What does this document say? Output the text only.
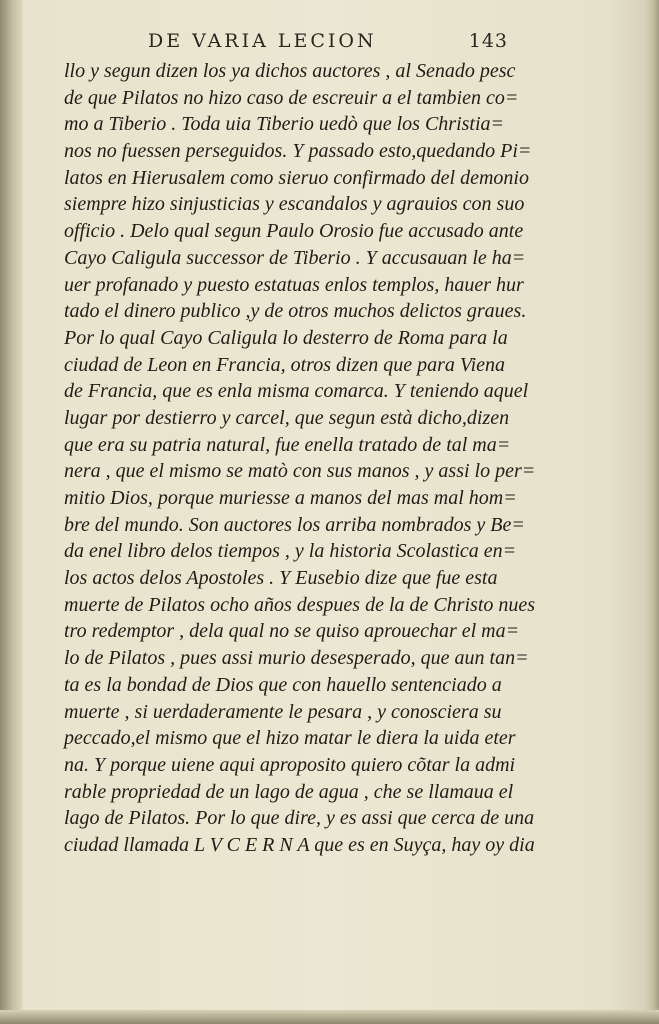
DE VARIA LECION	143
llo y segun dizen los ya dichos auctores , al Senado pesc
de que Pilatos no hizo caso de escreuir a el tambien co=
mo a Tiberio . Toda uia Tiberio uedò que los Christia=
nos no fuessen perseguidos. Y passado esto,quedando Pi=
latos en Hierusalem como sieruo confirmado del demonio
siempre hizo sinjusticias y escandalos y agrauios con suo
officio . Delo qual segun Paulo Orosio fue accusado ante
Cayo Caligula successor de Tiberio . Y accusauan le ha=
uer profanado y puesto estatuas enlos templos, hauer hur
tado el dinero publico ,y de otros muchos delictos graues.
Por lo qual Cayo Caligula lo desterro de Roma para la
ciudad de Leon en Francia, otros dizen que para Viena
de Francia, que es enla misma comarca. Y teniendo aquel
lugar por destierro y carcel, que segun està dicho,dizen
que era su patria natural, fue enella tratado de tal ma=
nera , que el mismo se matò con sus manos , y assi lo per=
mitio Dios, porque muriesse a manos del mas mal hom=
bre del mundo. Son auctores los arriba nombrados y Be=
da enel libro delos tiempos , y la historia Scolastica en=
los actos delos Apostoles . Y Eusebio dize que fue esta
muerte de Pilatos ocho años despues de la de Christo nues
tro redemptor , dela qual no se quiso aprouechar el ma=
lo de Pilatos , pues assi murio desesperado, que aun tan=
ta es la bondad de Dios que con hauello sentenciado a
muerte , si uerdaderamente le pesara , y conosciera su
peccado,el mismo que el hizo matar le diera la uida eter
na. Y porque uiene aqui aproposito quiero cõtar la admi
rable propriedad de un lago de agua , che se llamaua el
lago de Pilatos. Por lo que dire, y es assi que cerca de una
ciudad llamada L V C E R N A que es en Suyça, hay oy dia
